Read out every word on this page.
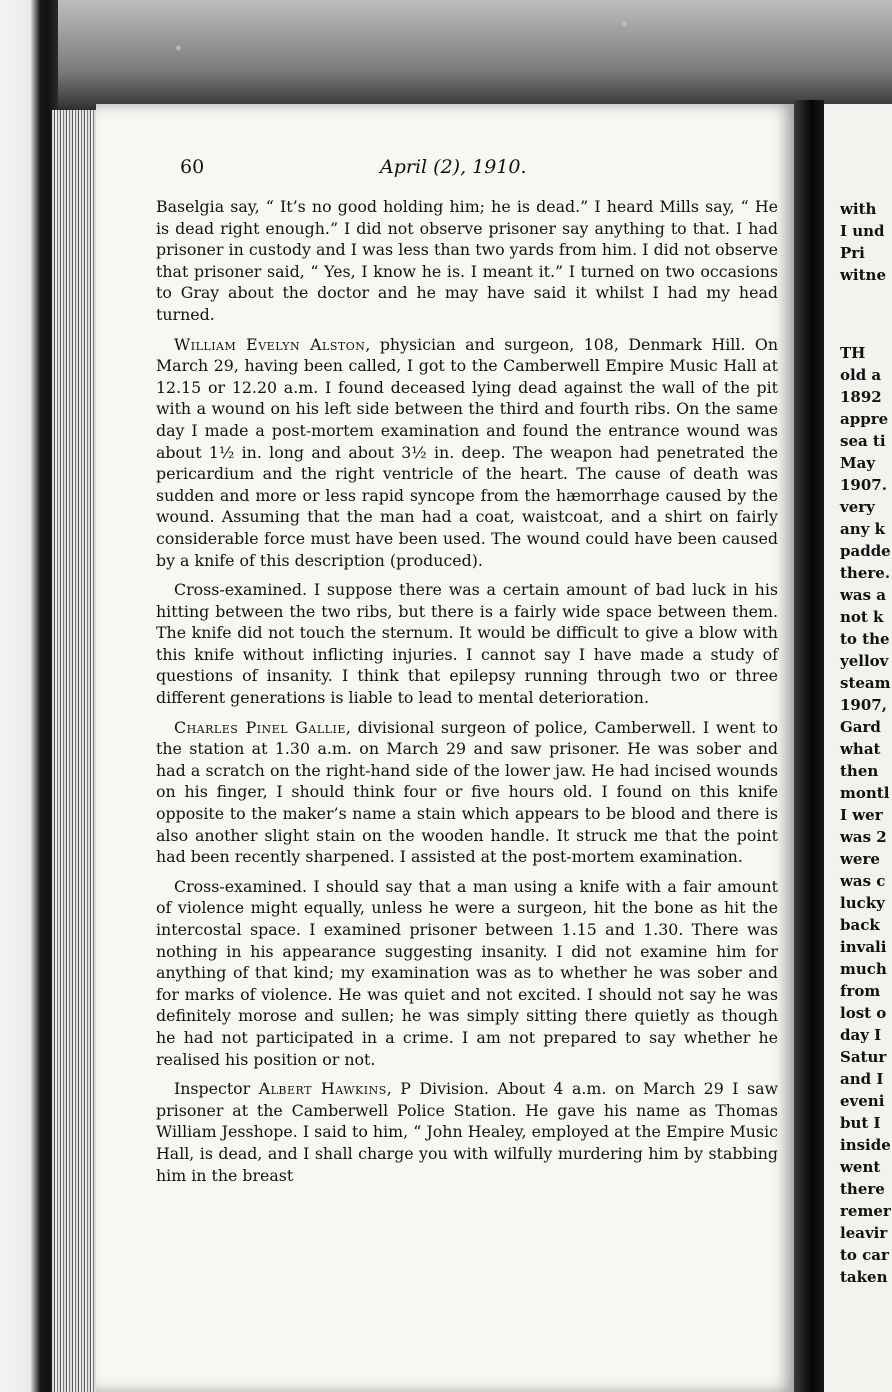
60	April (2), 1910.

Baselgia say, “ It’s no good holding him; he is dead.” I heard Mills say, “ He is dead right enough.” I did not observe prisoner say anything to that. I had prisoner in custody and I was less than two yards from him. I did not observe that prisoner said, “ Yes, I know he is. I meant it.” I turned on two occasions to Gray about the doctor and he may have said it whilst I had my head turned.

William Evelyn Alston, physician and surgeon, 108, Denmark Hill. On March 29, having been called, I got to the Camberwell Empire Music Hall at 12.15 or 12.20 a.m. I found deceased lying dead against the wall of the pit with a wound on his left side between the third and fourth ribs. On the same day I made a post-mortem examination and found the entrance wound was about 1½ in. long and about 3½ in. deep. The weapon had penetrated the pericardium and the right ventricle of the heart. The cause of death was sudden and more or less rapid syncope from the hæmorrhage caused by the wound. Assuming that the man had a coat, waistcoat, and a shirt on fairly considerable force must have been used. The wound could have been caused by a knife of this description (produced).

Cross-examined. I suppose there was a certain amount of bad luck in his hitting between the two ribs, but there is a fairly wide space between them. The knife did not touch the sternum. It would be difficult to give a blow with this knife without inflicting injuries. I cannot say I have made a study of questions of insanity. I think that epilepsy running through two or three different generations is liable to lead to mental deterioration.

Charles Pinel Gallie, divisional surgeon of police, Camberwell. I went to the station at 1.30 a.m. on March 29 and saw prisoner. He was sober and had a scratch on the right-hand side of the lower jaw. He had incised wounds on his finger, I should think four or five hours old. I found on this knife opposite to the maker’s name a stain which appears to be blood and there is also another slight stain on the wooden handle. It struck me that the point had been recently sharpened. I assisted at the post-mortem examination.

Cross-examined. I should say that a man using a knife with a fair amount of violence might equally, unless he were a surgeon, hit the bone as hit the intercostal space. I examined prisoner between 1.15 and 1.30. There was nothing in his appearance suggesting insanity. I did not examine him for anything of that kind; my examination was as to whether he was sober and for marks of violence. He was quiet and not excited. I should not say he was definitely morose and sullen; he was simply sitting there quietly as though he had not participated in a crime. I am not prepared to say whether he realised his position or not.

Inspector Albert Hawkins, P Division. About 4 a.m. on March 29 I saw prisoner at the Camberwell Police Station. He gave his name as Thomas William Jesshope. I said to him, “ John Healey, employed at the Empire Music Hall, is dead, and I shall charge you with wilfully murdering him by stabbing him in the breast

with
I und
Pri
witne
TH
old a
1892
appre
sea ti
May
1907.
very
any k
padde
there.
was a
not k
to the
yellov
steam
1907,
Gard
what
then
montl
I wer
was 2
were
was c
lucky
back
invali
much
from
lost o
day I
Satur
and I
eveni
but I
inside
went
there
remer
leavir
to car
taken
